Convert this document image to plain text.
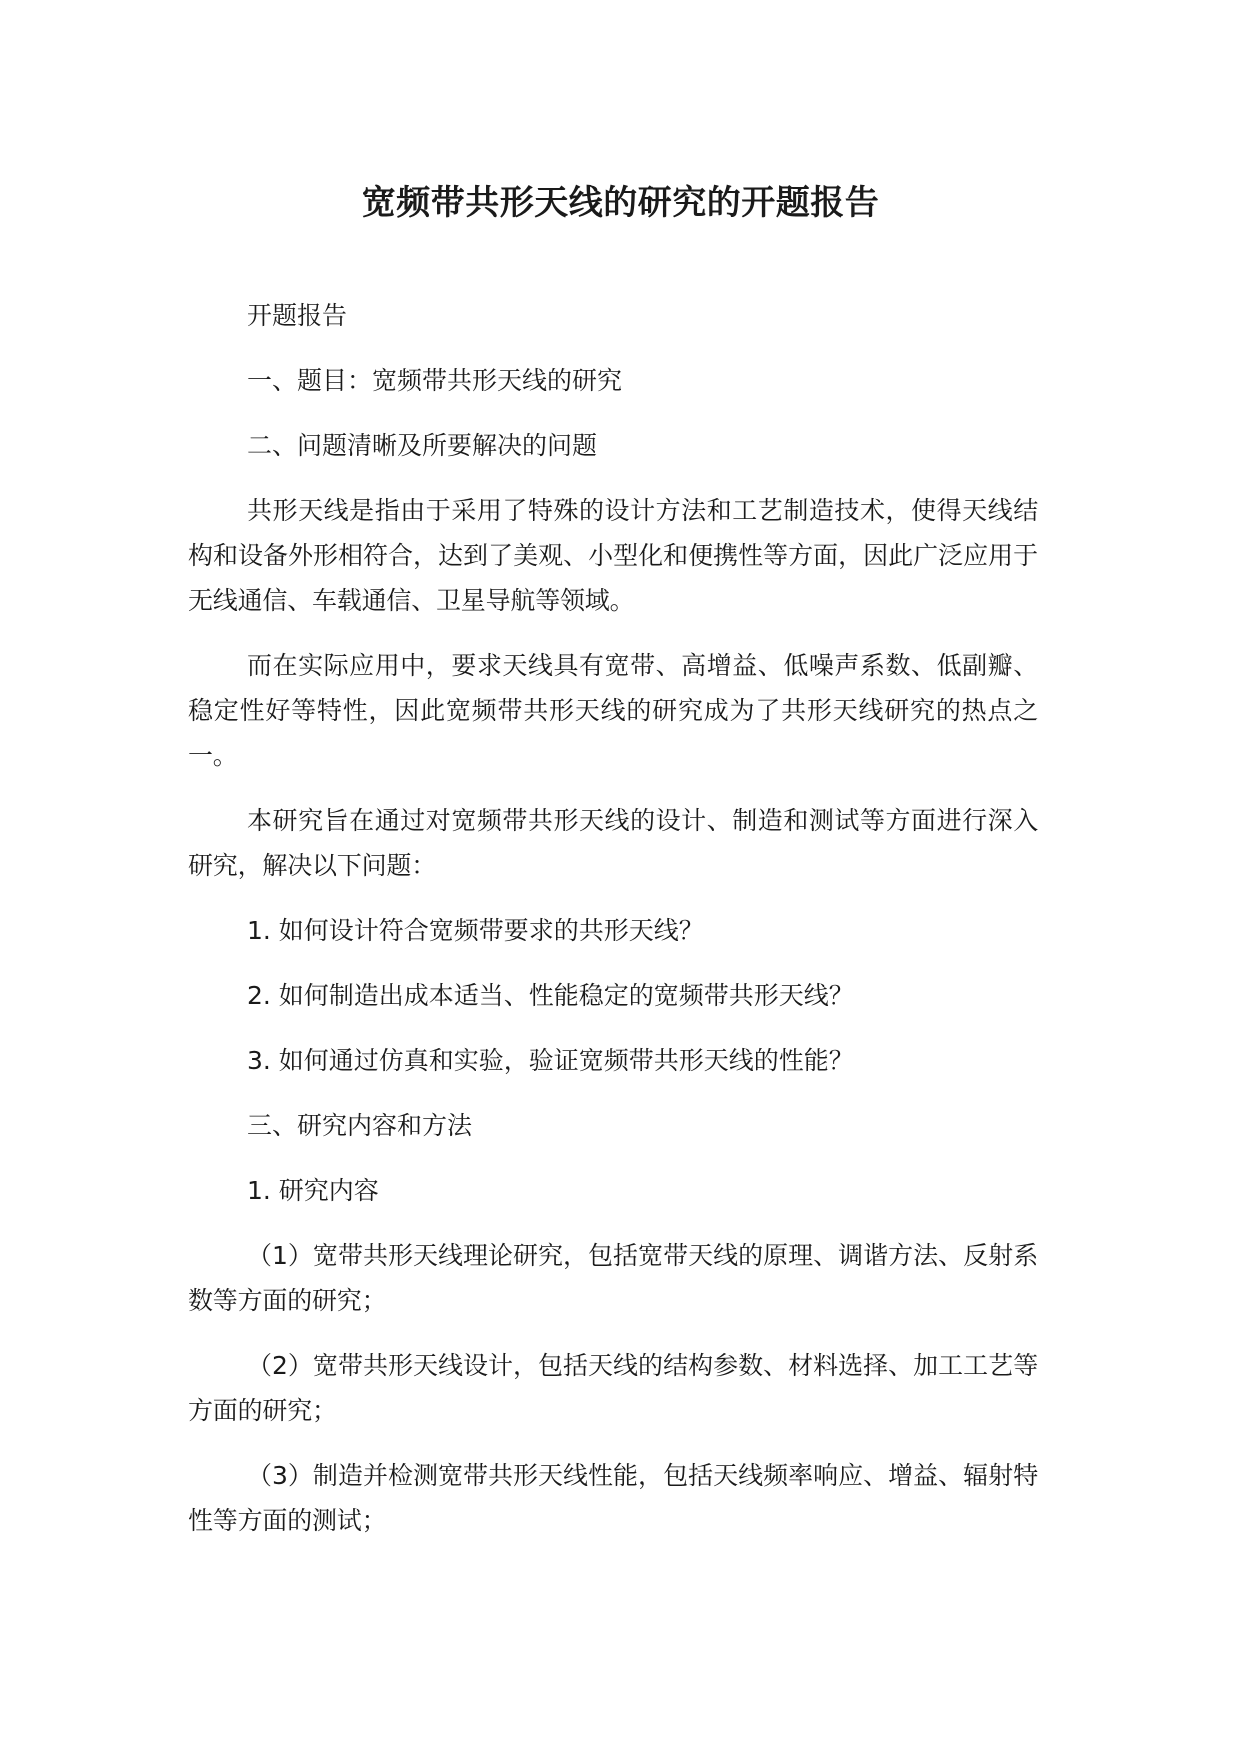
宽频带共形天线的研究的开题报告

开题报告

一、题目：宽频带共形天线的研究

二、问题清晰及所要解决的问题

共形天线是指由于采用了特殊的设计方法和工艺制造技术，使得天线结构和设备外形相符合，达到了美观、小型化和便携性等方面，因此广泛应用于无线通信、车载通信、卫星导航等领域。

而在实际应用中，要求天线具有宽带、高增益、低噪声系数、低副瓣、稳定性好等特性，因此宽频带共形天线的研究成为了共形天线研究的热点之一。

本研究旨在通过对宽频带共形天线的设计、制造和测试等方面进行深入研究，解决以下问题：

1. 如何设计符合宽频带要求的共形天线？

2. 如何制造出成本适当、性能稳定的宽频带共形天线？

3. 如何通过仿真和实验，验证宽频带共形天线的性能？

三、研究内容和方法

1. 研究内容

（1）宽带共形天线理论研究，包括宽带天线的原理、调谐方法、反射系数等方面的研究；

（2）宽带共形天线设计，包括天线的结构参数、材料选择、加工工艺等方面的研究；

（3）制造并检测宽带共形天线性能，包括天线频率响应、增益、辐射特性等方面的测试；
